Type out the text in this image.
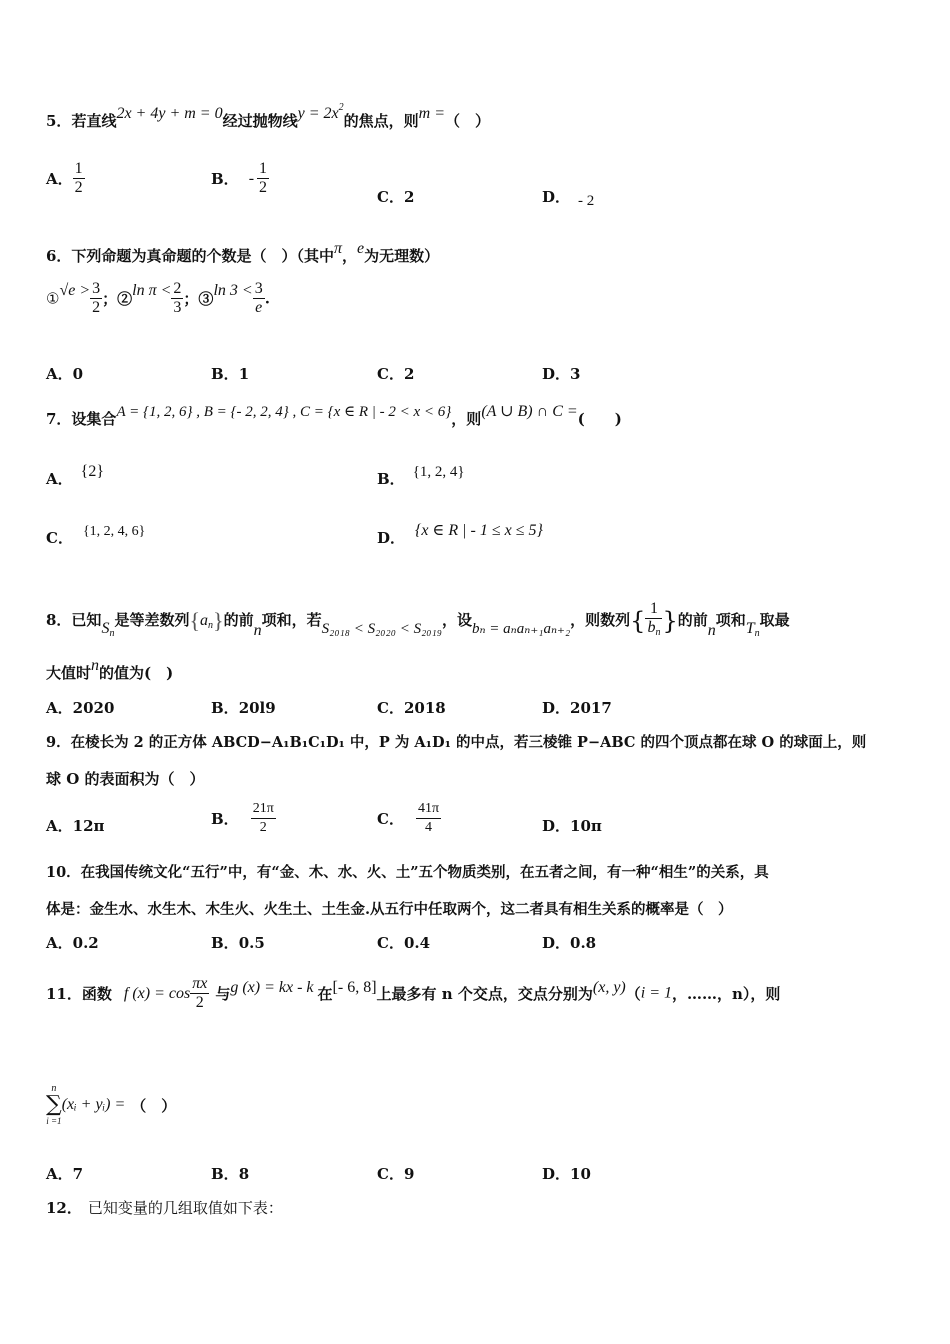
5．若直线2x + 4y + m = 0经过抛物线$y = 2x^2$的焦点，则m =（　）
A． $\frac{1}{2}$	B． - $\frac{1}{2}$	C．2	D． - 2
6．下列命题为真命题的个数是（　）（其中π，e为无理数）
①√e > $\frac{3}{2}$ ；②ln $\pi < \frac{2}{3}$ ；③ln $3 < \frac{3}{e}$ .
A．0	B．1	C．2	D．3
7．设集合A = {1, 2, 6} , B = {- 2, 2, 4} , C = {x ∈ R | - 2 < x < 6}，则(A ∪ B) ∩ C =(　　)
A． {2}	B． {1, 2, 4}
C． {1, 2, 4, 6}	D． {x ∈ R | - 1 ≤ x ≤ 5}
8．已知$S_n$是等差数列$\{a_n\}$的前n项和，若S₂₀₁₈ < S₂₀₂₀ < S₂₀₁₉，设bₙ = aₙaₙ₊₁aₙ₊₂，则数列{ $\frac{1}{b_n}$ }的前n项和$T_n$取最
大值时n的值为(　)
A．2020	B．20l9	C．2018	D．2017
9．在棱长为 2 的正方体 ABCD−A₁B₁C₁D₁ 中，P 为 A₁D₁ 的中点，若三棱锥 P−ABC 的四个顶点都在球 O 的球面上，则
球 O 的表面积为（　）
A．12π	B． $\frac{21\pi}{2}$	C． $\frac{41\pi}{4}$	D．10π
10．在我国传统文化“五行”中，有“金、木、水、火、土”五个物质类别，在五者之间，有一种“相生”的关系，具
体是：金生水、水生木、木生火、火生土、土生金.从五行中任取两个，这二者具有相生关系的概率是（　）
A．0.2	B．0.5	C．0.4	D．0.8
11．函数 f $(x) = \cos \frac{\pi x}{2}$ 与g (x) = kx - k 在[- 6, 8]上最多有 n 个交点，交点分别为(x, y)（i = 1，……，n），则
n
∑
i =1
(xᵢ + yᵢ) = （　）
A．7	B．8	C．9	D．10
12． 已知变量的几组取值如下表：
